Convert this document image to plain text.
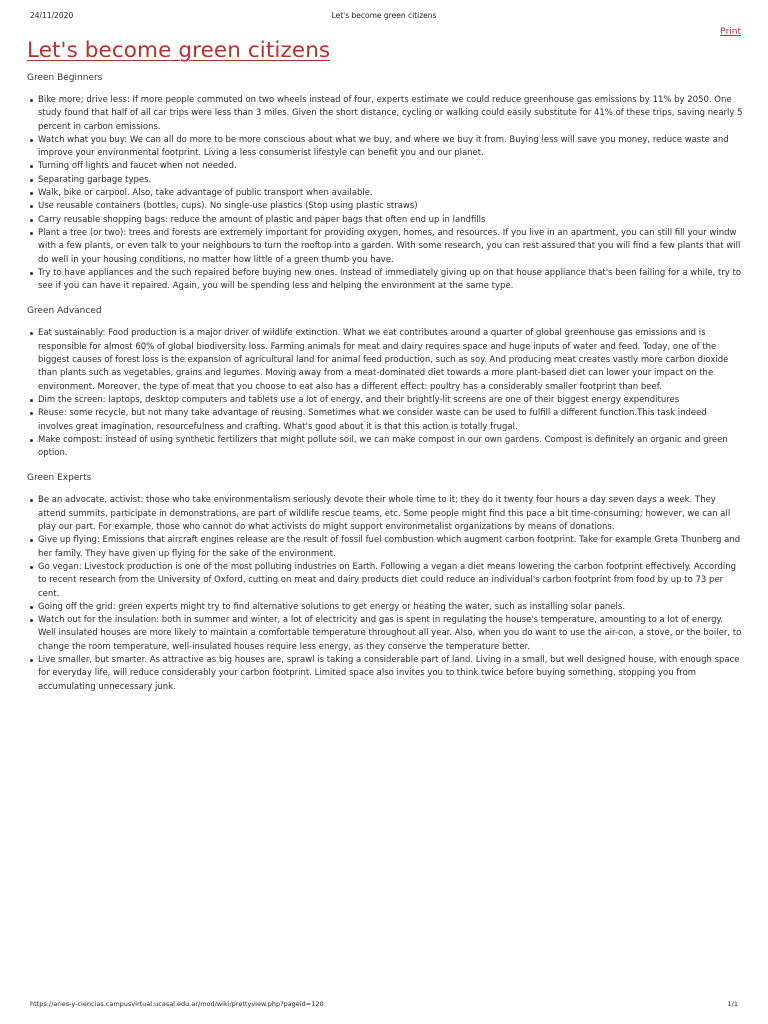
24/11/2020	Let's become green citizens
Print
Let's become green citizens
Green Beginners
Bike more; drive less: If more people commuted on two wheels instead of four, experts estimate we could reduce greenhouse gas emissions by 11% by 2050. One study found that half of all car trips were less than 3 miles. Given the short distance, cycling or walking could easily substitute for 41% of these trips, saving nearly 5 percent in carbon emissions.
Watch what you buy: We can all do more to be more conscious about what we buy, and where we buy it from. Buying less will save you money, reduce waste and improve your environmental footprint. Living a less consumerist lifestyle can benefit you and our planet.
Turning off lights and faucet when not needed.
Separating garbage types.
Walk, bike or carpool. Also, take advantage of public transport when available.
Use reusable containers (bottles, cups). No single-use plastics (Stop using plastic straws)
Carry reusable shopping bags: reduce the amount of plastic and paper bags that often end up in landfills
Plant a tree (or two): trees and forests are extremely important for providing oxygen, homes, and resources. If you live in an apartment, you can still fill your windw with a few plants, or even talk to your neighbours to turn the rooftop into a garden. With some research, you can rest assured that you will find a few plants that will do well in your housing conditions, no matter how little of a green thumb you have.
Try to have appliances and the such repaired before buying new ones. Instead of immediately giving up on that house appliance that's been failing for a while, try to see if you can have it repaired. Again, you will be spending less and helping the environment at the same type.
Green Advanced
Eat sustainably: Food production is a major driver of wildlife extinction. What we eat contributes around a quarter of global greenhouse gas emissions and is responsible for almost 60% of global biodiversity loss. Farming animals for meat and dairy requires space and huge inputs of water and feed. Today, one of the biggest causes of forest loss is the expansion of agricultural land for animal feed production, such as soy. And producing meat creates vastly more carbon dioxide than plants such as vegetables, grains and legumes. Moving away from a meat-dominated diet towards a more plant-based diet can lower your impact on the environment. Moreover, the type of meat that you choose to eat also has a different effect: poultry has a considerably smaller footprint than beef.
Dim the screen: laptops, desktop computers and tablets use a lot of energy, and their brightly-lit screens are one of their biggest energy expenditures
Reuse: some recycle, but not many take advantage of reusing. Sometimes what we consider waste can be used to fulfill a different function.This task indeed involves great imagination, resourcefulness and crafting. What's good about it is that this action is totally frugal.
Make compost: instead of using synthetic fertilizers that might pollute soil, we can make compost in our own gardens. Compost is definitely an organic and green option.
Green Experts
Be an advocate, activist: those who take environmentalism seriously devote their whole time to it; they do it twenty four hours a day seven days a week. They attend summits, participate in demonstrations, are part of wildlife rescue teams, etc. Some people might find this pace a bit time-consuming; however, we can all play our part. For example, those who cannot do what activists do might support environmetalist organizations by means of donations.
Give up flying: Emissions that aircraft engines release are the result of fossil fuel combustion which augment carbon footprint. Take for example Greta Thunberg and her family. They have given up flying for the sake of the environment.
Go vegan: Livestock production is one of the most polluting industries on Earth. Following a vegan a diet means lowering the carbon footprint effectively. According to recent research from the University of Oxford, cutting on meat and dairy products diet could reduce an individual's carbon footprint from food by up to 73 per cent.
Going off the grid: green experts might try to find alternative solutions to get energy or heating the water, such as installing solar panels.
Watch out for the insulation: both in summer and winter, a lot of electricity and gas is spent in regulating the house's temperature, amounting to a lot of energy. Well insulated houses are more likely to maintain a comfortable temperature throughout all year. Also, when you do want to use the air-con, a stove, or the boiler, to change the room temperature, well-insulated houses require less energy, as they conserve the temperature better.
Live smaller, but smarter. As attractive as big houses are, sprawl is taking a considerable part of land. Living in a small, but well designed house, with enough space for everyday life, will reduce considerably your carbon footprint. Limited space also invites you to think twice before buying something, stopping you from accumulating unnecessary junk.
https://aries-y-ciencias.campusvirtual.ucasal.edu.ar/mod/wiki/prettyview.php?pageid=120	1/1
